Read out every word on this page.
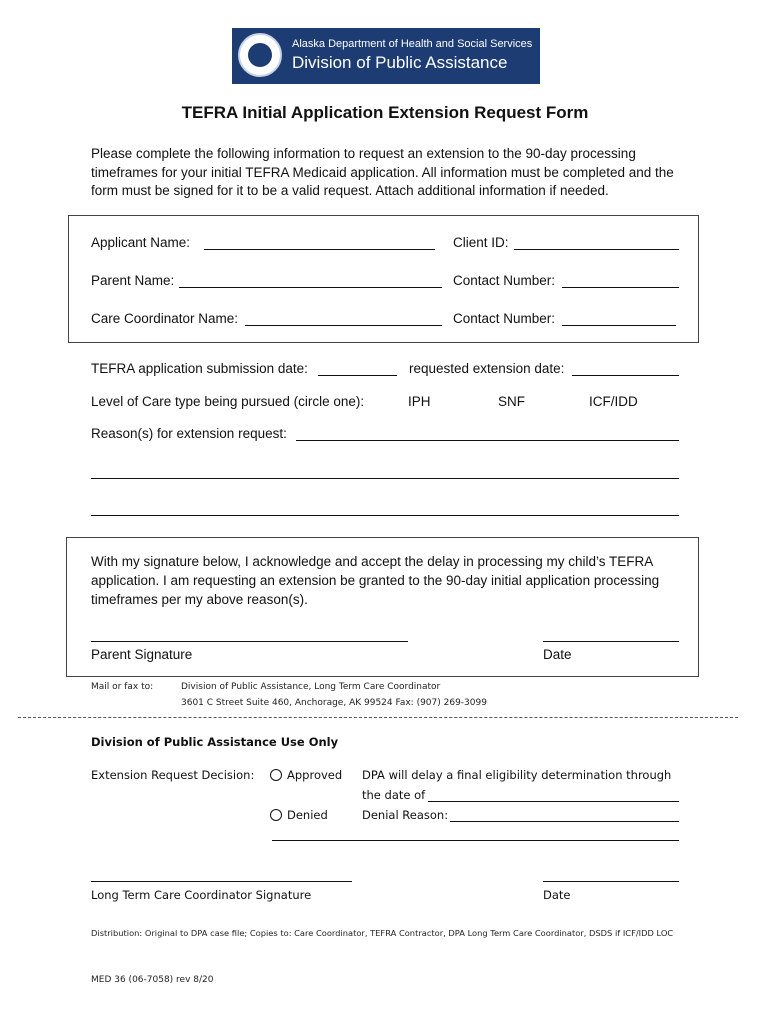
Alaska Department of Health and Social Services
Division of Public Assistance
TEFRA Initial Application Extension Request Form
Please complete the following information to request an extension to the 90-day processing timeframes for your initial TEFRA Medicaid application. All information must be completed and the form must be signed for it to be a valid request. Attach additional information if needed.
Applicant Name:	Client ID:
Parent Name:	Contact Number:
Care Coordinator Name:	Contact Number:
TEFRA application submission date:	requested extension date:
Level of Care type being pursued (circle one):	IPH	SNF	ICF/IDD
Reason(s) for extension request:
With my signature below, I acknowledge and accept the delay in processing my child’s TEFRA application. I am requesting an extension be granted to the 90-day initial application processing timeframes per my above reason(s).
Parent Signature	Date
Mail or fax to:	Division of Public Assistance, Long Term Care Coordinator
3601 C Street Suite 460, Anchorage, AK 99524 Fax: (907) 269-3099
Division of Public Assistance Use Only
Extension Request Decision:	Approved
Denied
DPA will delay a final eligibility determination through
the date of
Denial Reason:
Long Term Care Coordinator Signature	Date
Distribution: Original to DPA case file; Copies to: Care Coordinator, TEFRA Contractor, DPA Long Term Care Coordinator, DSDS if ICF/IDD LOC
MED 36 (06-7058) rev 8/20
